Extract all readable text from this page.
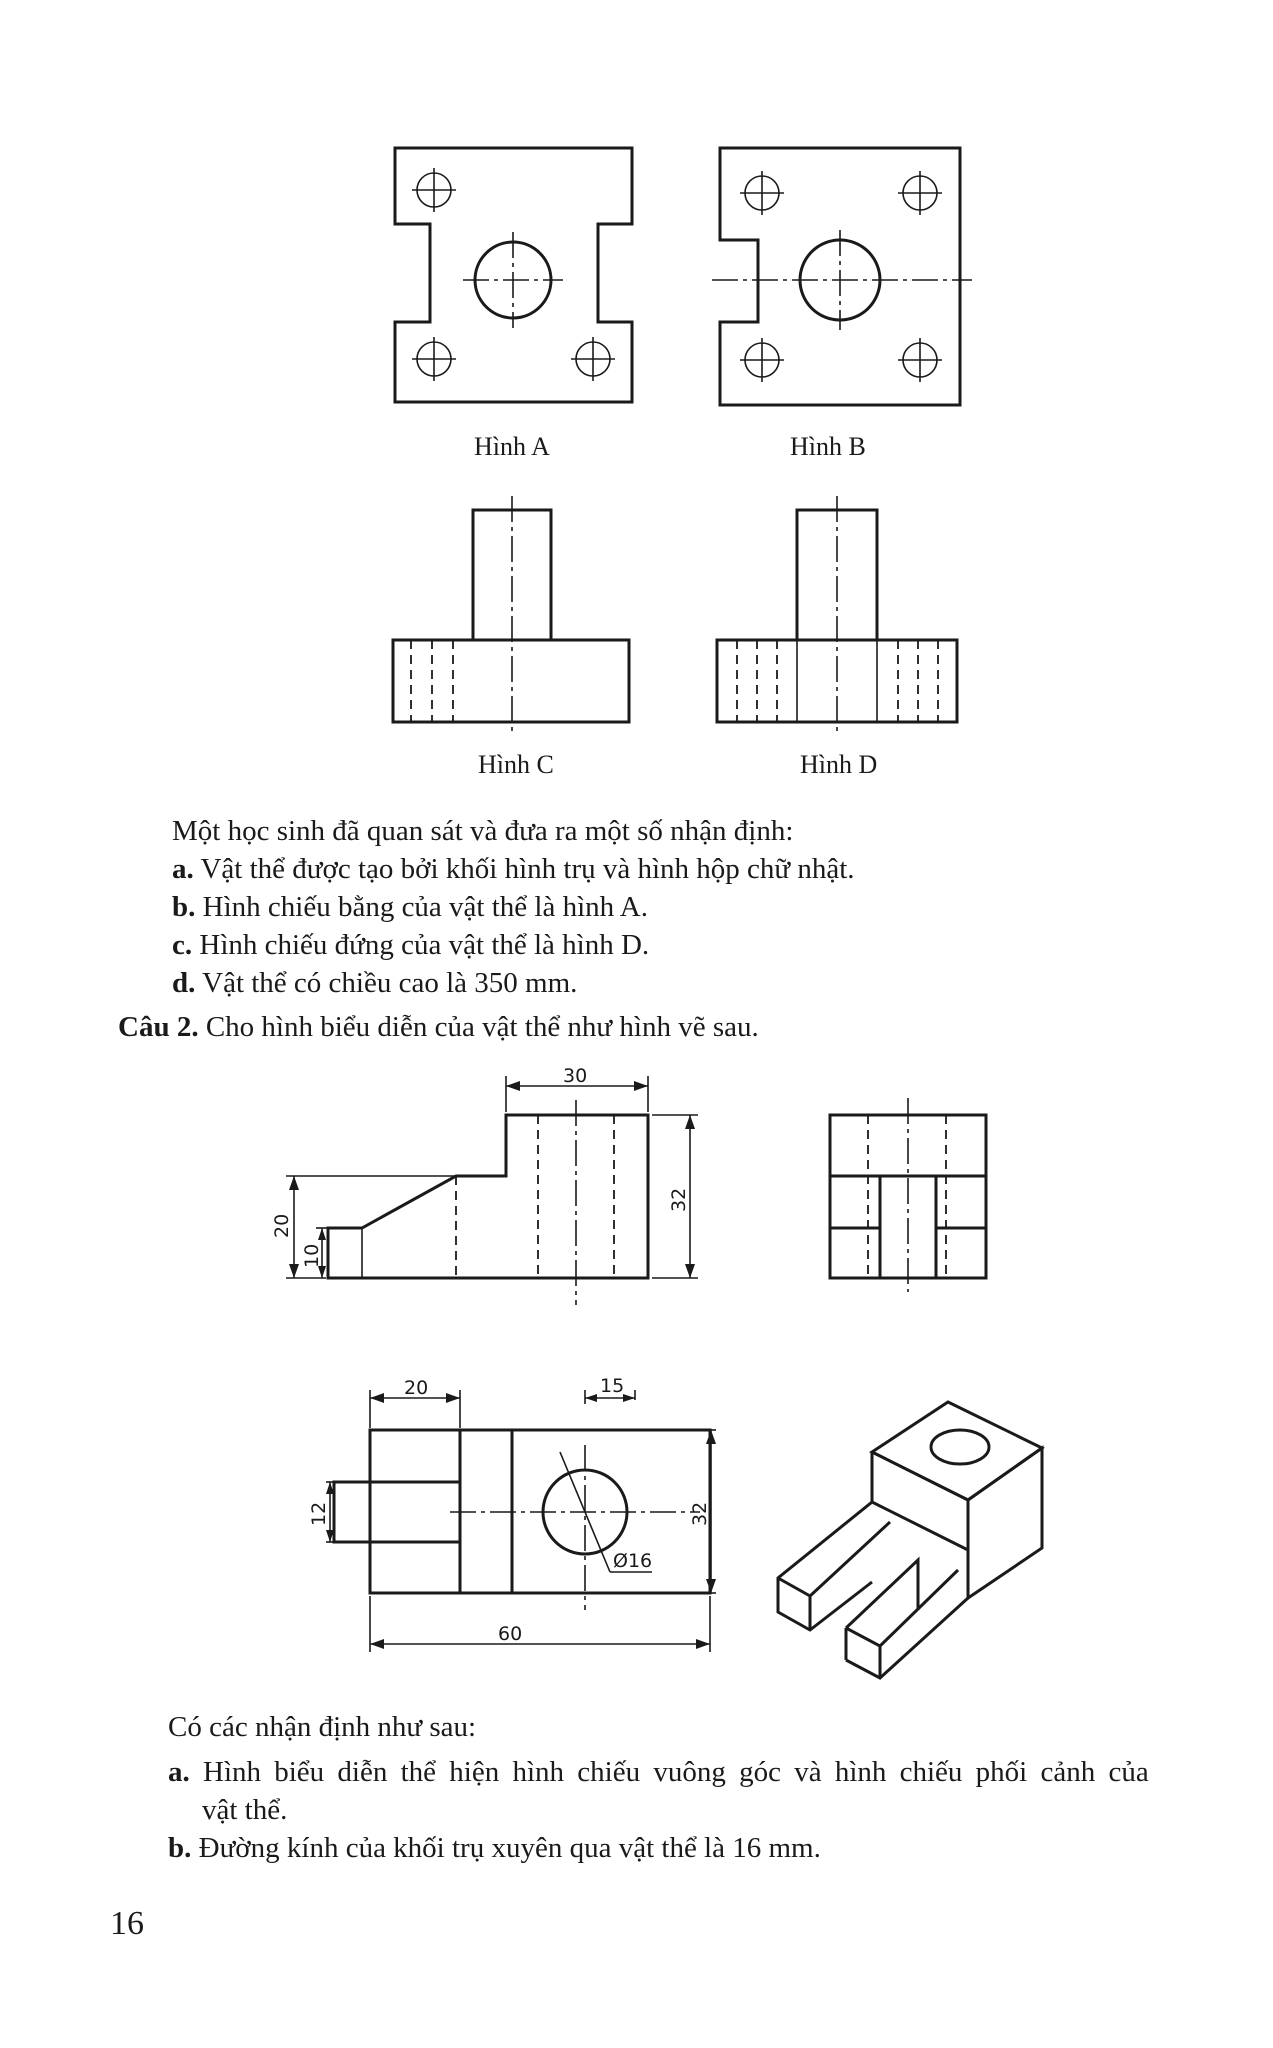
30
32
20
10
Ø16
20	15
12	32
60
Hình A	Hình B
Hình C	Hình D
Một học sinh đã quan sát và đưa ra một số nhận định:
a. Vật thể được tạo bởi khối hình trụ và hình hộp chữ nhật.
b. Hình chiếu bằng của vật thể là hình A.
c. Hình chiếu đứng của vật thể là hình D.
d. Vật thể có chiều cao là 350 mm.
Câu 2. Cho hình biểu diễn của vật thể như hình vẽ sau.
Có các nhận định như sau:
a. Hình biểu diễn thể hiện hình chiếu vuông góc và hình chiếu phối cảnh của
vật thể.
b. Đường kính của khối trụ xuyên qua vật thể là 16 mm.
16
